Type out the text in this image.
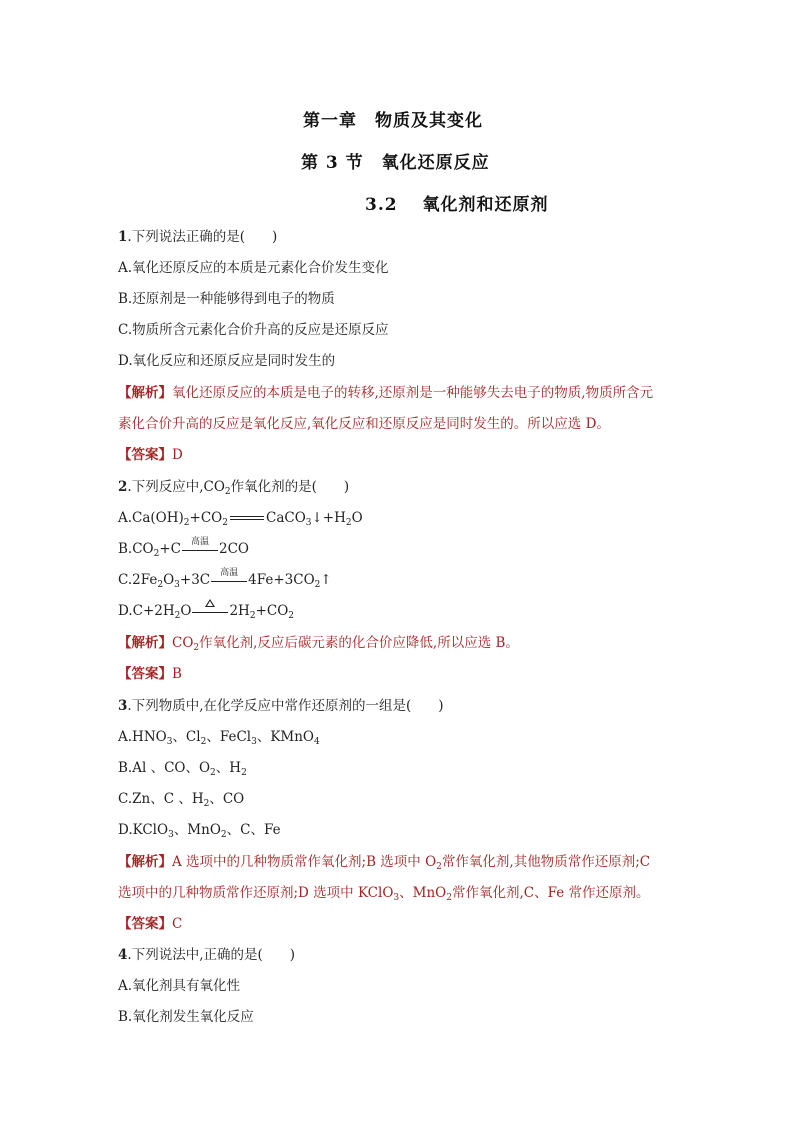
第一章　物质及其变化
第 3 节　氧化还原反应
3.2　 氧化剂和还原剂
1.下列说法正确的是(　　)
A.氧化还原反应的本质是元素化合价发生变化
B.还原剂是一种能够得到电子的物质
C.物质所含元素化合价升高的反应是还原反应
D.氧化反应和还原反应是同时发生的
【解析】氧化还原反应的本质是电子的转移,还原剂是一种能够失去电子的物质,物质所含元
素化合价升高的反应是氧化反应,氧化反应和还原反应是同时发生的。所以应选 D。
【答案】D
2.下列反应中$,CO_2$作氧化剂的是(　　)
$A.Ca(OH)_2+CO_2$	$CaCO_3↓+H_2O$
$B.CO_2+C$	高温 2CO
$C.2Fe_2O_3+3C$	高温 $4Fe+3CO_2↑$
$D.C+2H_2O$	$2H_2+CO_2$
【解析】$CO_2$作氧化剂,反应后碳元素的化合价应降低,所以应选 B。
【答案】B
3.下列物质中,在化学反应中常作还原剂的一组是(　　)
$A.HNO_3$、$Cl_2$、FeCl$_3$、KMnO$_4$
B.Al 、CO、$O_2$、$H_2$
C.Zn、C 、$H_2$、CO
D.KClO$_3$、MnO$_2$、C、Fe
【解析】A 选项中的几种物质常作氧化剂;B 选项中 $O_2$常作氧化剂,其他物质常作还原剂;C
选项中的几种物质常作还原剂;D 选项中 KClO$_3$、MnO$_2$常作氧化剂,C、Fe 常作还原剂。
【答案】C
4.下列说法中,正确的是(　　)
A.氧化剂具有氧化性
B.氧化剂发生氧化反应
